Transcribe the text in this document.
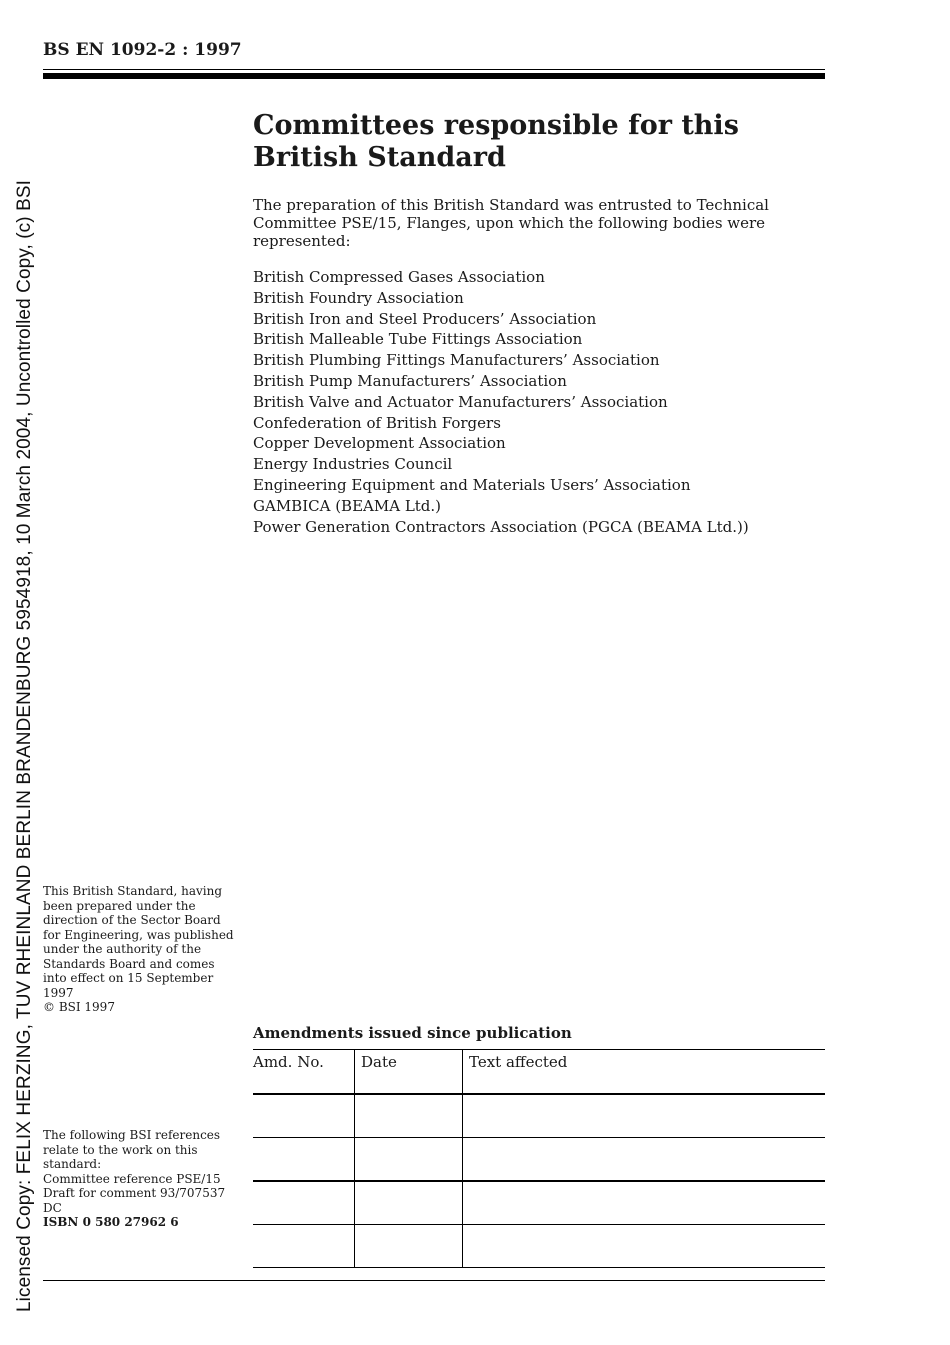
Licensed Copy: FELIX HERZING, TUV RHEINLAND BERLIN BRANDENBURG 5954918, 10 March 2004, Uncontrolled Copy, (c) BSI
BS EN 1092-2 : 1997
Committees responsible for this
British Standard

The preparation of this British Standard was entrusted to Technical Committee PSE/15, Flanges, upon which the following bodies were represented:

British Compressed Gases Association
British Foundry Association
British Iron and Steel Producers’ Association
British Malleable Tube Fittings Association
British Plumbing Fittings Manufacturers’ Association
British Pump Manufacturers’ Association
British Valve and Actuator Manufacturers’ Association
Confederation of British Forgers
Copper Development Association
Energy Industries Council
Engineering Equipment and Materials Users’ Association
GAMBICA (BEAMA Ltd.)
Power Generation Contractors Association (PGCA (BEAMA Ltd.))

This British Standard, having been prepared under the direction of the Sector Board for Engineering, was published under the authority of the Standards Board and comes into effect on 15 September 1997

© BSI 1997

The following BSI references relate to the work on this standard:
Committee reference PSE/15
Draft for comment 93/707537 DC

ISBN 0 580 27962 6
Amendments issued since publication
Amd. No.	Date	Text affected
